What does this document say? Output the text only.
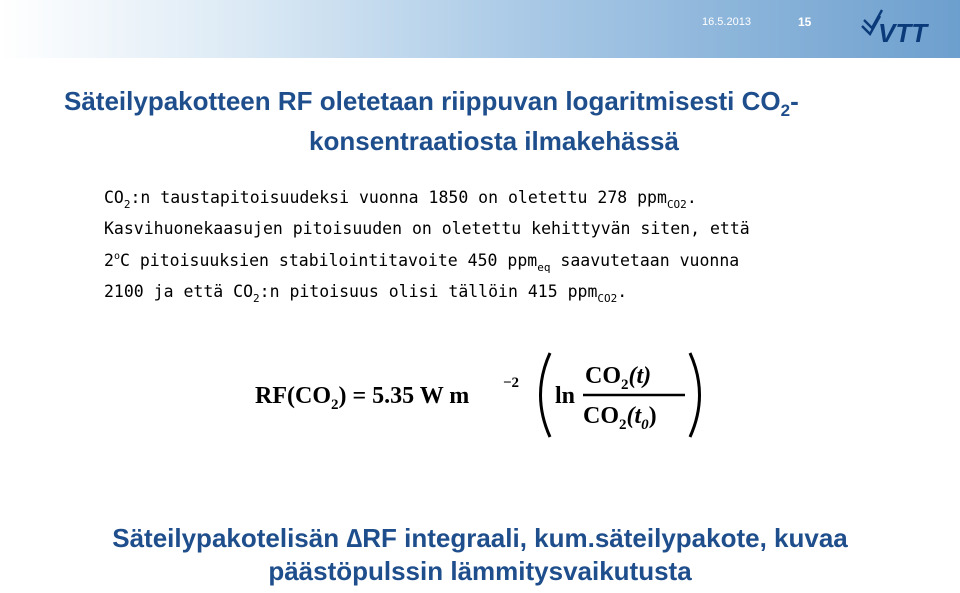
16.5.2013	15	VTT
Säteilypakotteen RF oletetaan riippuvan logaritmisesti $CO_2-$
konsentraatiosta ilmakehässä
$CO_2:n$ taustapitoisuudeksi vuonna 1850 on oletettu 278 ppm$_{CO2}$.
Kasvihuonekaasujen pitoisuuden on oletettu kehittyvän siten, että
2$^o$C pitoisuuksien stabilointitavoite 450 ppm$_{eq}$ saavutetaan vuonna
2100 ja että $CO_2:n$ pitoisuus olisi tällöin 415 ppm$_{CO2}$.
$RF(CO_2) = 5.35$ W m −2 ln
$CO_2(t)$
$CO_2(t_0)$
Säteilypakotelisän ∆RF integraali, kum.säteilypakote, kuvaa
päästöpulssin lämmitysvaikutusta
